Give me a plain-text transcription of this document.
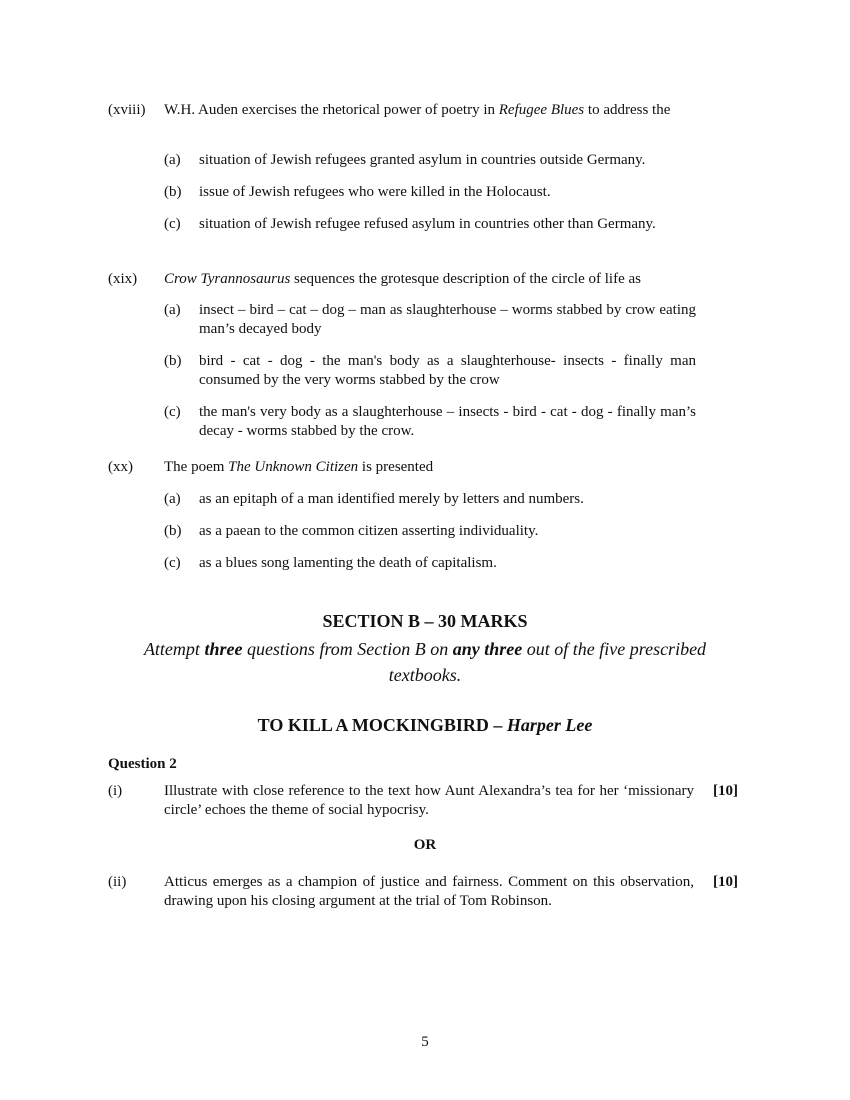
(xviii) W.H. Auden exercises the rhetorical power of poetry in Refugee Blues to address the
(a) situation of Jewish refugees granted asylum in countries outside Germany.
(b) issue of Jewish refugees who were killed in the Holocaust.
(c) situation of Jewish refugee refused asylum in countries other than Germany.
(xix) Crow Tyrannosaurus sequences the grotesque description of the circle of life as
(a) insect – bird – cat – dog – man as slaughterhouse – worms stabbed by crow eating man’s decayed body
(b) bird - cat - dog - the man's body as a slaughterhouse- insects - finally man consumed by the very worms stabbed by the crow
(c) the man's very body as a slaughterhouse – insects - bird - cat - dog - finally man’s decay - worms stabbed by the crow.
(xx) The poem The Unknown Citizen is presented
(a) as an epitaph of a man identified merely by letters and numbers.
(b) as a paean to the common citizen asserting individuality.
(c) as a blues song lamenting the death of capitalism.
SECTION B – 30 MARKS
Attempt three questions from Section B on any three out of the five prescribed textbooks.
TO KILL A MOCKINGBIRD – Harper Lee
Question 2
(i)	Illustrate with close reference to the text how Aunt Alexandra’s tea for her ‘missionary circle’ echoes the theme of social hypocrisy.
[10]
OR
(ii)	Atticus emerges as a champion of justice and fairness. Comment on this observation, drawing upon his closing argument at the trial of Tom Robinson.
[10]
5
